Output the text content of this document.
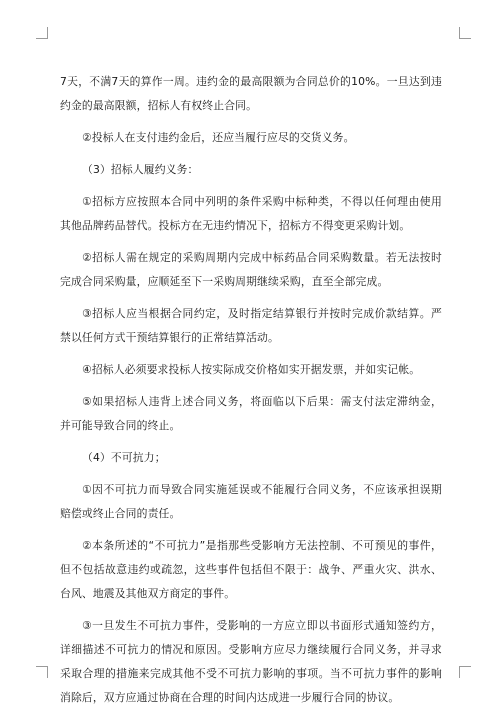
7天，不满7天的算作一周。违约金的最高限额为合同总价的10%。一旦达到违约金的最高限额，招标人有权终止合同。

②投标人在支付违约金后，还应当履行应尽的交货义务。

（3）招标人履约义务：

①招标方应按照本合同中列明的条件采购中标种类，不得以任何理由使用其他品牌药品替代。投标方在无违约情况下，招标方不得变更采购计划。

②招标人需在规定的采购周期内完成中标药品合同采购数量。若无法按时完成合同采购量，应顺延至下一采购周期继续采购，直至全部完成。

③招标人应当根据合同约定，及时指定结算银行并按时完成价款结算。严禁以任何方式干预结算银行的正常结算活动。

④招标人必须要求投标人按实际成交价格如实开据发票，并如实记帐。

⑤如果招标人违背上述合同义务，将面临以下后果：需支付法定滞纳金，并可能导致合同的终止。

（4）不可抗力；

①因不可抗力而导致合同实施延误或不能履行合同义务，不应该承担误期赔偿或终止合同的责任。

②本条所述的“不可抗力”是指那些受影响方无法控制、不可预见的事件，但不包括故意违约或疏忽，这些事件包括但不限于：战争、严重火灾、洪水、台风、地震及其他双方商定的事件。

③一旦发生不可抗力事件，受影响的一方应立即以书面形式通知签约方，详细描述不可抗力的情况和原因。受影响方应尽力继续履行合同义务，并寻求采取合理的措施来完成其他不受不可抗力影响的事项。当不可抗力事件的影响消除后，双方应通过协商在合理的时间内达成进一步履行合同的协议。
